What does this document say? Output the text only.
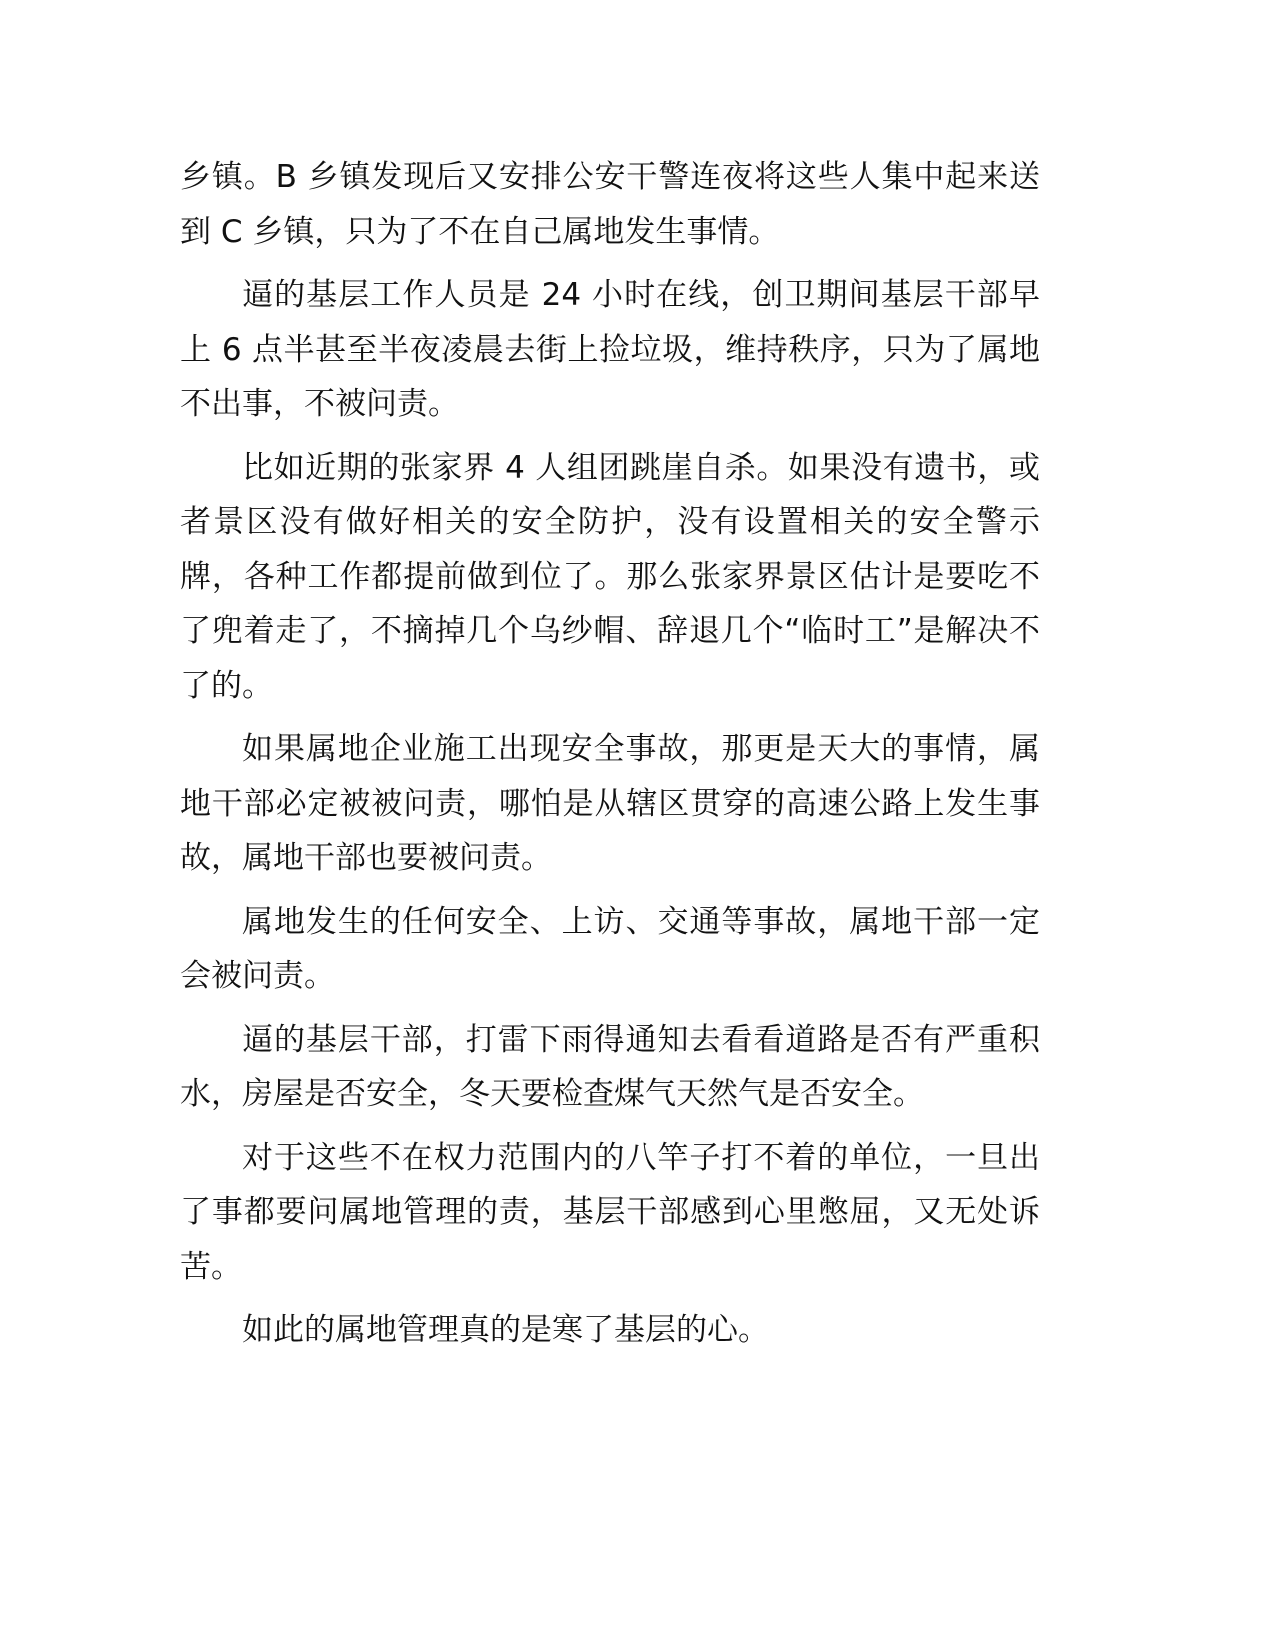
乡镇。B 乡镇发现后又安排公安干警连夜将这些人集中起来送到 C 乡镇，只为了不在自己属地发生事情。

逼的基层工作人员是 24 小时在线，创卫期间基层干部早上 6 点半甚至半夜凌晨去街上捡垃圾，维持秩序，只为了属地不出事，不被问责。

比如近期的张家界 4 人组团跳崖自杀。如果没有遗书，或者景区没有做好相关的安全防护，没有设置相关的安全警示牌，各种工作都提前做到位了。那么张家界景区估计是要吃不了兜着走了，不摘掉几个乌纱帽、辞退几个“临时工”是解决不了的。

如果属地企业施工出现安全事故，那更是天大的事情，属地干部必定被被问责，哪怕是从辖区贯穿的高速公路上发生事故，属地干部也要被问责。

属地发生的任何安全、上访、交通等事故，属地干部一定会被问责。

逼的基层干部，打雷下雨得通知去看看道路是否有严重积水，房屋是否安全，冬天要检查煤气天然气是否安全。

对于这些不在权力范围内的八竿子打不着的单位，一旦出了事都要问属地管理的责，基层干部感到心里憋屈，又无处诉苦。

如此的属地管理真的是寒了基层的心。
